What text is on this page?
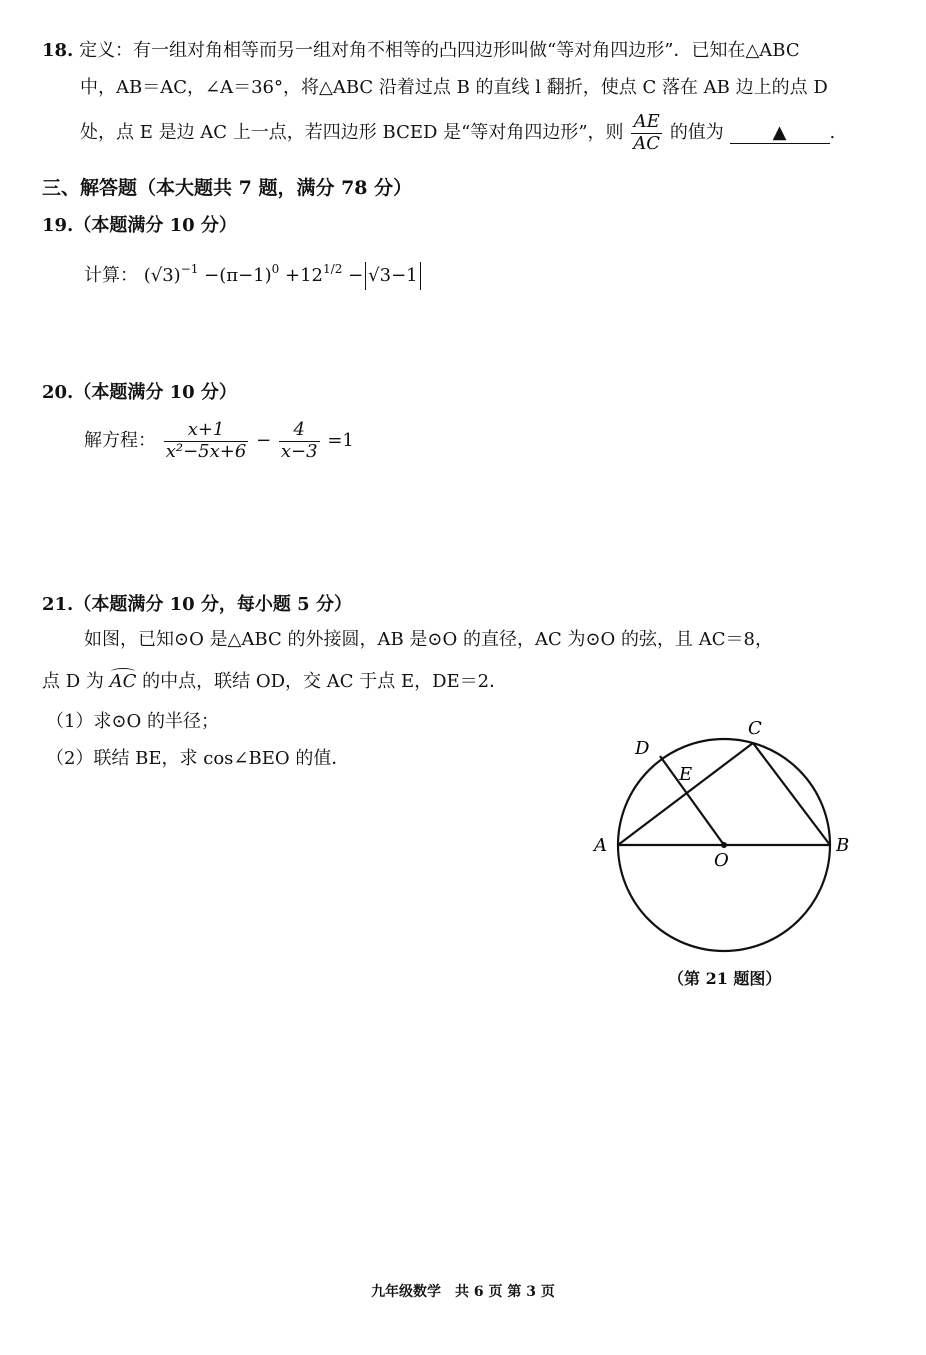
18. 定义：有一组对角相等而另一组对角不相等的凸四边形叫做“等对角四边形”．已知在△ABC
中，AB＝AC，∠A＝36°，将△ABC 沿着过点 B 的直线 l 翻折，使点 C 落在 AB 边上的点 D
处，点 E 是边 AC 上一点，若四边形 BCED 是“等对角四边形”，则 $\frac{AE}{AC}$ 的值为	▲ .
三、解答题（本大题共 7 题，满分 78 分）
19.（本题满分 10 分）
计算： $(√3)^{-1} -(\pi-1)^0 +12^{1/2} - √3-1$
20.（本题满分 10 分）
解方程： $\frac{x+1}{\text{x²−5x+6}} - \frac{4}{x-3} =1$
21.（本题满分 10 分，每小题 5 分）
如图，已知⊙O 是△ABC 的外接圆，AB 是⊙O 的直径，AC 为⊙O 的弦，且 AC＝8，
点 D 为 AC 的中点，联结 OD，交 AC 于点 E，DE＝2．
（1）求⊙O 的半径；
（2）联结 BE，求 cos∠BEO 的值．
A	B
C
D
E
O
（第 21 题图）
九年级数学　共 6 页 第 3 页
